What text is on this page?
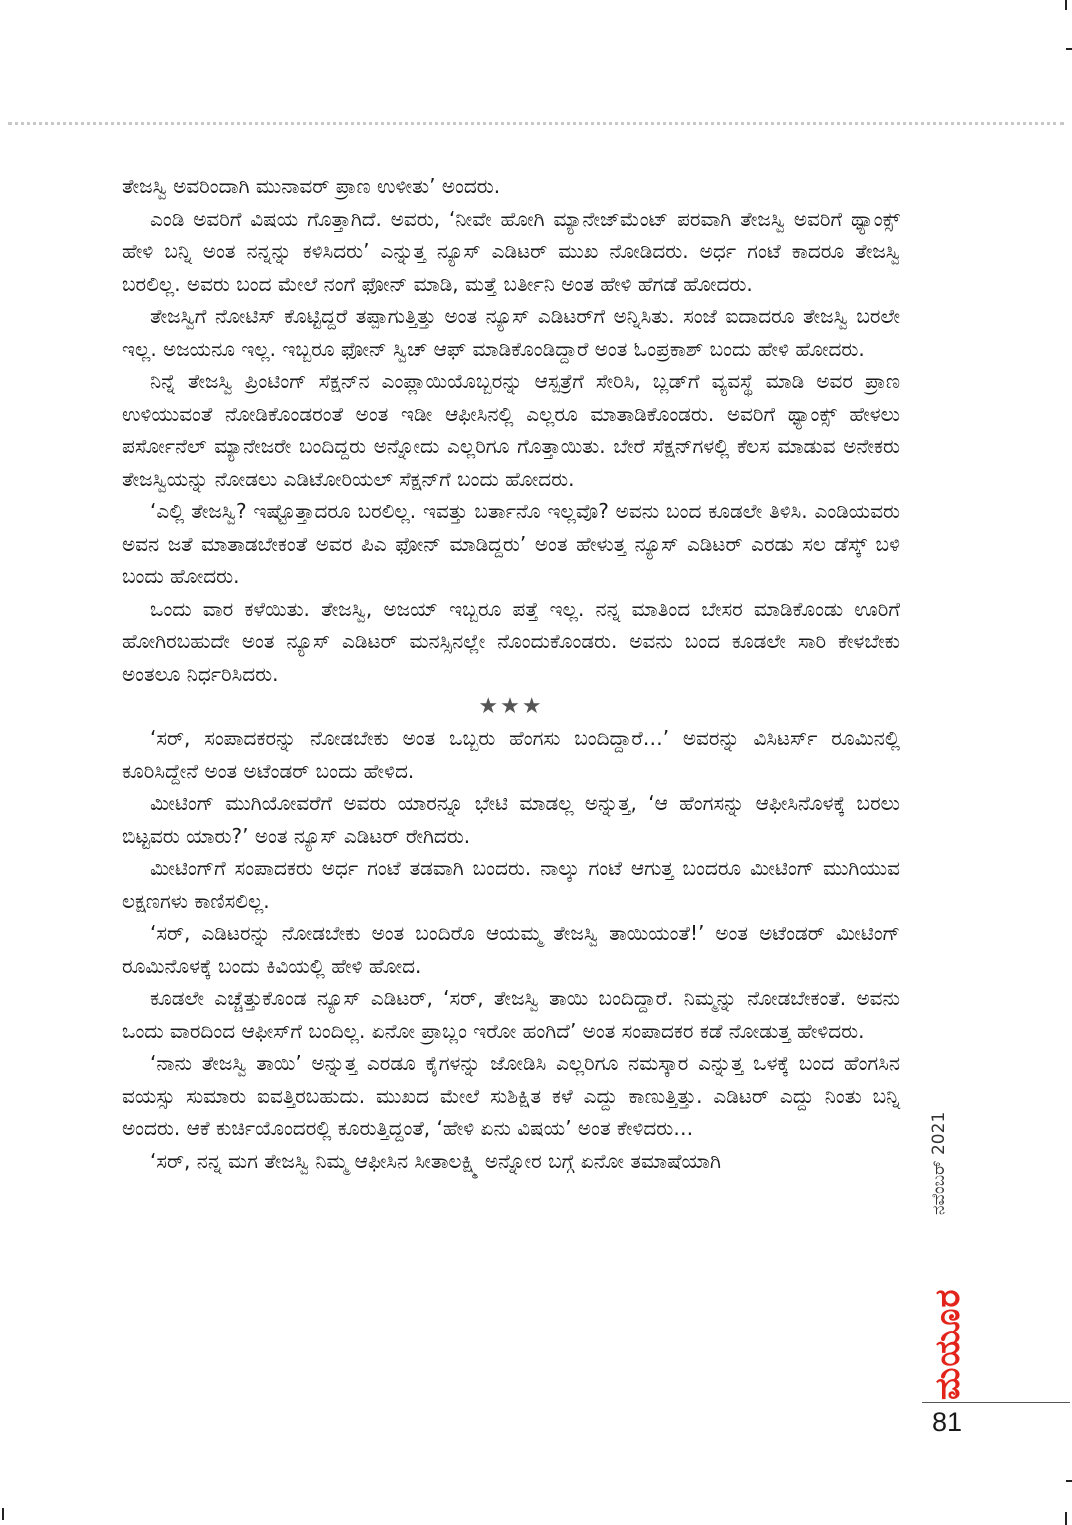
ತೇಜಸ್ವಿ ಅವರಿಂದಾಗಿ ಮುನಾವರ್ ಪ್ರಾಣ ಉಳೀತು’ ಅಂದರು.

ಎಂಡಿ ಅವರಿಗೆ ವಿಷಯ ಗೊತ್ತಾಗಿದೆ. ಅವರು, ‘ನೀವೇ ಹೋಗಿ ಮ್ಯಾನೇಜ್‌ಮೆಂಟ್ ಪರವಾಗಿ ತೇಜಸ್ವಿ ಅವರಿಗೆ ಥ್ಯಾಂಕ್ಸ್ ಹೇಳಿ ಬನ್ನಿ ಅಂತ ನನ್ನನ್ನು ಕಳಿಸಿದರು’ ಎನ್ನುತ್ತ ನ್ಯೂಸ್ ಎಡಿಟರ್ ಮುಖ ನೋಡಿದರು. ಅರ್ಧ ಗಂಟೆ ಕಾದರೂ ತೇಜಸ್ವಿ ಬರಲಿಲ್ಲ. ಅವರು ಬಂದ ಮೇಲೆ ನಂಗೆ ಫೋನ್ ಮಾಡಿ, ಮತ್ತೆ ಬರ್ತೀನಿ ಅಂತ ಹೇಳಿ ಹೆಗಡೆ ಹೋದರು.

ತೇಜಸ್ವಿಗೆ ನೋಟಿಸ್ ಕೊಟ್ಟಿದ್ದರೆ ತಪ್ಪಾಗುತ್ತಿತ್ತು ಅಂತ ನ್ಯೂಸ್ ಎಡಿಟರ್‌ಗೆ ಅನ್ನಿಸಿತು. ಸಂಜೆ ಐದಾದರೂ ತೇಜಸ್ವಿ ಬರಲೇ ಇಲ್ಲ. ಅಜಯನೂ ಇಲ್ಲ. ಇಬ್ಬರೂ ಫೋನ್ ಸ್ವಿಚ್ ಆಫ್ ಮಾಡಿಕೊಂಡಿದ್ದಾರೆ ಅಂತ ಓಂಪ್ರಕಾಶ್ ಬಂದು ಹೇಳಿ ಹೋದರು.

ನಿನ್ನೆ ತೇಜಸ್ವಿ ಪ್ರಿಂಟಿಂಗ್ ಸೆಕ್ಷನ್‌ನ ಎಂಪ್ಲಾಯಿಯೊಬ್ಬರನ್ನು ಆಸ್ಪತ್ರೆಗೆ ಸೇರಿಸಿ, ಬ್ಲಡ್‌ಗೆ ವ್ಯವಸ್ಥೆ ಮಾಡಿ ಅವರ ಪ್ರಾಣ ಉಳಿಯುವಂತೆ ನೋಡಿಕೊಂಡರಂತೆ ಅಂತ ಇಡೀ ಆಫೀಸಿನಲ್ಲಿ ಎಲ್ಲರೂ ಮಾತಾಡಿಕೊಂಡರು. ಅವರಿಗೆ ಥ್ಯಾಂಕ್ಸ್ ಹೇಳಲು ಪರ್ಸೋನೆಲ್ ಮ್ಯಾನೇಜರೇ ಬಂದಿದ್ದರು ಅನ್ನೋದು ಎಲ್ಲರಿಗೂ ಗೊತ್ತಾಯಿತು. ಬೇರೆ ಸೆಕ್ಷನ್‌ಗಳಲ್ಲಿ ಕೆಲಸ ಮಾಡುವ ಅನೇಕರು ತೇಜಸ್ವಿಯನ್ನು ನೋಡಲು ಎಡಿಟೋರಿಯಲ್ ಸೆಕ್ಷನ್‌ಗೆ ಬಂದು ಹೋದರು.

‘ಎಲ್ಲಿ ತೇಜಸ್ವಿ? ಇಷ್ಟೊತ್ತಾದರೂ ಬರಲಿಲ್ಲ. ಇವತ್ತು ಬರ್ತಾನೊ ಇಲ್ಲವೊ? ಅವನು ಬಂದ ಕೂಡಲೇ ತಿಳಿಸಿ. ಎಂಡಿಯವರು ಅವನ ಜತೆ ಮಾತಾಡಬೇಕಂತೆ ಅವರ ಪಿಎ ಫೋನ್ ಮಾಡಿದ್ದರು’ ಅಂತ ಹೇಳುತ್ತ ನ್ಯೂಸ್ ಎಡಿಟರ್ ಎರಡು ಸಲ ಡೆಸ್ಕ್ ಬಳಿ ಬಂದು ಹೋದರು.

ಒಂದು ವಾರ ಕಳೆಯಿತು. ತೇಜಸ್ವಿ, ಅಜಯ್ ಇಬ್ಬರೂ ಪತ್ತೆ ಇಲ್ಲ. ನನ್ನ ಮಾತಿಂದ ಬೇಸರ ಮಾಡಿಕೊಂಡು ಊರಿಗೆ ಹೋಗಿರಬಹುದೇ ಅಂತ ನ್ಯೂಸ್ ಎಡಿಟರ್ ಮನಸ್ಸಿನಲ್ಲೇ ನೊಂದುಕೊಂಡರು. ಅವನು ಬಂದ ಕೂಡಲೇ ಸಾರಿ ಕೇಳಬೇಕು ಅಂತಲೂ ನಿರ್ಧರಿಸಿದರು.

★★★

‘ಸರ್, ಸಂಪಾದಕರನ್ನು ನೋಡಬೇಕು ಅಂತ ಒಬ್ಬರು ಹೆಂಗಸು ಬಂದಿದ್ದಾರೆ…’ ಅವರನ್ನು ವಿಸಿಟರ್ಸ್ ರೂಮಿನಲ್ಲಿ ಕೂರಿಸಿದ್ದೇನೆ ಅಂತ ಅಟೆಂಡರ್ ಬಂದು ಹೇಳಿದ.

ಮೀಟಿಂಗ್ ಮುಗಿಯೋವರೆಗೆ ಅವರು ಯಾರನ್ನೂ ಭೇಟಿ ಮಾಡಲ್ಲ ಅನ್ನುತ್ತ, ‘ಆ ಹೆಂಗಸನ್ನು ಆಫೀಸಿನೊಳಕ್ಕೆ ಬರಲು ಬಿಟ್ಟವರು ಯಾರು?’ ಅಂತ ನ್ಯೂಸ್ ಎಡಿಟರ್ ರೇಗಿದರು.

ಮೀಟಿಂಗ್‌ಗೆ ಸಂಪಾದಕರು ಅರ್ಧ ಗಂಟೆ ತಡವಾಗಿ ಬಂದರು. ನಾಲ್ಕು ಗಂಟೆ ಆಗುತ್ತ ಬಂದರೂ ಮೀಟಿಂಗ್ ಮುಗಿಯುವ ಲಕ್ಷಣಗಳು ಕಾಣಿಸಲಿಲ್ಲ.

‘ಸರ್, ಎಡಿಟರನ್ನು ನೋಡಬೇಕು ಅಂತ ಬಂದಿರೊ ಆಯಮ್ಮ ತೇಜಸ್ವಿ ತಾಯಿಯಂತೆ!’ ಅಂತ ಅಟೆಂಡರ್ ಮೀಟಿಂಗ್ ರೂಮಿನೊಳಕ್ಕೆ ಬಂದು ಕಿವಿಯಲ್ಲಿ ಹೇಳಿ ಹೋದ.

ಕೂಡಲೇ ಎಚ್ಚೆತ್ತುಕೊಂಡ ನ್ಯೂಸ್ ಎಡಿಟರ್, ‘ಸರ್, ತೇಜಸ್ವಿ ತಾಯಿ ಬಂದಿದ್ದಾರೆ. ನಿಮ್ಮನ್ನು ನೋಡಬೇಕಂತೆ. ಅವನು ಒಂದು ವಾರದಿಂದ ಆಫೀಸ್‌ಗೆ ಬಂದಿಲ್ಲ. ಏನೋ ಪ್ರಾಬ್ಲಂ ಇರೋ ಹಂಗಿದೆ’ ಅಂತ ಸಂಪಾದಕರ ಕಡೆ ನೋಡುತ್ತ ಹೇಳಿದರು.

‘ನಾನು ತೇಜಸ್ವಿ ತಾಯಿ’ ಅನ್ನುತ್ತ ಎರಡೂ ಕೈಗಳನ್ನು ಜೋಡಿಸಿ ಎಲ್ಲರಿಗೂ ನಮಸ್ಕಾರ ಎನ್ನುತ್ತ ಒಳಕ್ಕೆ ಬಂದ ಹೆಂಗಸಿನ ವಯಸ್ಸು ಸುಮಾರು ಐವತ್ತಿರಬಹುದು. ಮುಖದ ಮೇಲೆ ಸುಶಿಕ್ಷಿತ ಕಳೆ ಎದ್ದು ಕಾಣುತ್ತಿತ್ತು. ಎಡಿಟರ್ ಎದ್ದು ನಿಂತು ಬನ್ನಿ ಅಂದರು. ಆಕೆ ಕುರ್ಚಿಯೊಂದರಲ್ಲಿ ಕೂರುತ್ತಿದ್ದಂತೆ, ‘ಹೇಳಿ ಏನು ವಿಷಯ’ ಅಂತ ಕೇಳಿದರು…

‘ಸರ್, ನನ್ನ ಮಗ ತೇಜಸ್ವಿ ನಿಮ್ಮ ಆಫೀಸಿನ ಸೀತಾಲಕ್ಷ್ಮಿ ಅನ್ನೋರ ಬಗ್ಗೆ ಏನೋ ತಮಾಷೆಯಾಗಿ	ನವೆಂಬರ್ 2021
ಮಯೂರ
81
